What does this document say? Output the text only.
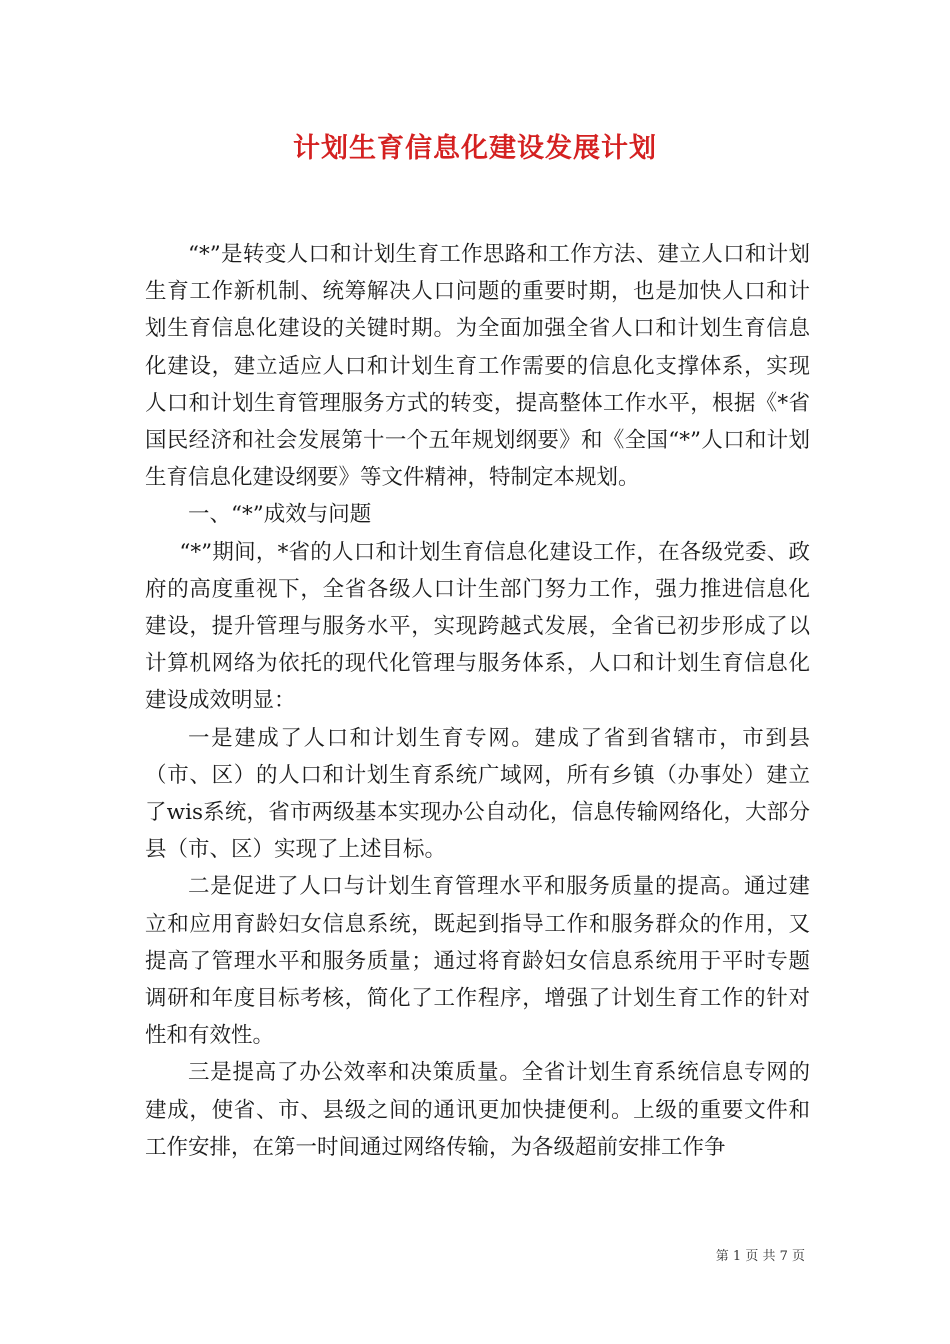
计划生育信息化建设发展计划

“*”是转变人口和计划生育工作思路和工作方法、建立人口和计划生育工作新机制、统筹解决人口问题的重要时期，也是加快人口和计划生育信息化建设的关键时期。为全面加强全省人口和计划生育信息化建设，建立适应人口和计划生育工作需要的信息化支撑体系，实现人口和计划生育管理服务方式的转变，提高整体工作水平，根据《*省国民经济和社会发展第十一个五年规划纲要》和《全国“*”人口和计划生育信息化建设纲要》等文件精神，特制定本规划。

一、“*”成效与问题

“*”期间，*省的人口和计划生育信息化建设工作，在各级党委、政府的高度重视下，全省各级人口计生部门努力工作，强力推进信息化建设，提升管理与服务水平，实现跨越式发展，全省已初步形成了以计算机网络为依托的现代化管理与服务体系，人口和计划生育信息化建设成效明显：

一是建成了人口和计划生育专网。建成了省到省辖市，市到县（市、区）的人口和计划生育系统广域网，所有乡镇（办事处）建立了wis系统，省市两级基本实现办公自动化，信息传输网络化，大部分县（市、区）实现了上述目标。

二是促进了人口与计划生育管理水平和服务质量的提高。通过建立和应用育龄妇女信息系统，既起到指导工作和服务群众的作用，又提高了管理水平和服务质量；通过将育龄妇女信息系统用于平时专题调研和年度目标考核，简化了工作程序，增强了计划生育工作的针对性和有效性。

三是提高了办公效率和决策质量。全省计划生育系统信息专网的建成，使省、市、县级之间的通讯更加快捷便利。上级的重要文件和工作安排，在第一时间通过网络传输，为各级超前安排工作争

第 1 页 共 7 页
